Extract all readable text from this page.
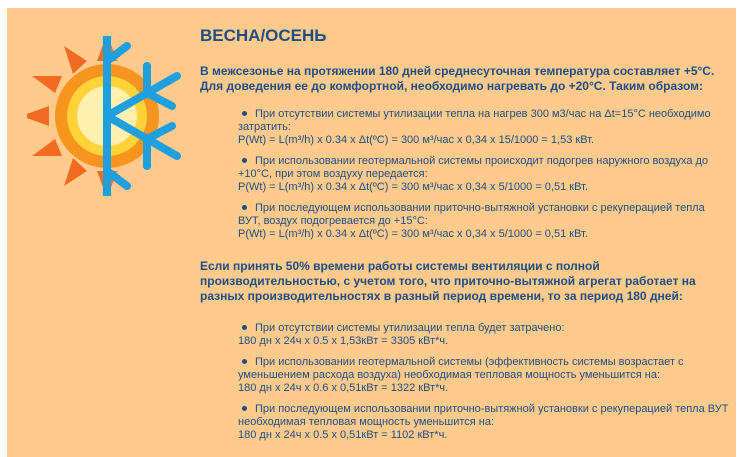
ВЕСНА/ОСЕНЬ

В межсезонье на протяжении 180 дней среднесуточная температура составляет +5°C. Для доведения ее до комфортной, необходимо нагревать до +20°C. Таким образом:

При отсутствии системы утилизации тепла на нагрев 300 м3/час на Δt=15°C необходимо затратить:
P(Wt) = L(m³/h) x 0.34 x Δt(ºC) = 300 м³/час x 0,34 x 15/1000 = 1,53 кВт.
При использовании геотермальной системы происходит подогрев наружного воздуха до +10°C, при этом воздуху передается:
P(Wt) = L(m³/h) x 0.34 x Δt(ºC) = 300 м³/час x 0,34 x 5/1000 = 0,51 кВт.
При последующем использовании приточно-вытяжной установки с рекуперацией тепла ВУТ, воздух подогревается до +15°C:
P(Wt) = L(m³/h) x 0.34 x Δt(ºC) = 300 м³/час x 0,34 x 5/1000 = 0,51 кВт.

Если принять 50% времени работы системы вентиляции с полной производительностью, с учетом того, что приточно-вытяжной агрегат работает на разных производительностях в разный период времени, то за период 180 дней:

При отсутствии системы утилизации тепла будет затрачено:
180 дн x 24ч x 0.5 x 1,53кВт = 3305 кВт*ч.
При использовании геотермальной системы (эффективность системы возрастает с уменьшением расхода воздуха) необходимая тепловая мощность уменьшится на:
180 дн x 24ч x 0.6 x 0,51кВт = 1322 кВт*ч.
При последующем использовании приточно-вытяжной установки с рекуперацией тепла ВУТ необходимая тепловая мощность уменьшится на:
180 дн x 24ч x 0.5 x 0,51кВт = 1102 кВт*ч.
